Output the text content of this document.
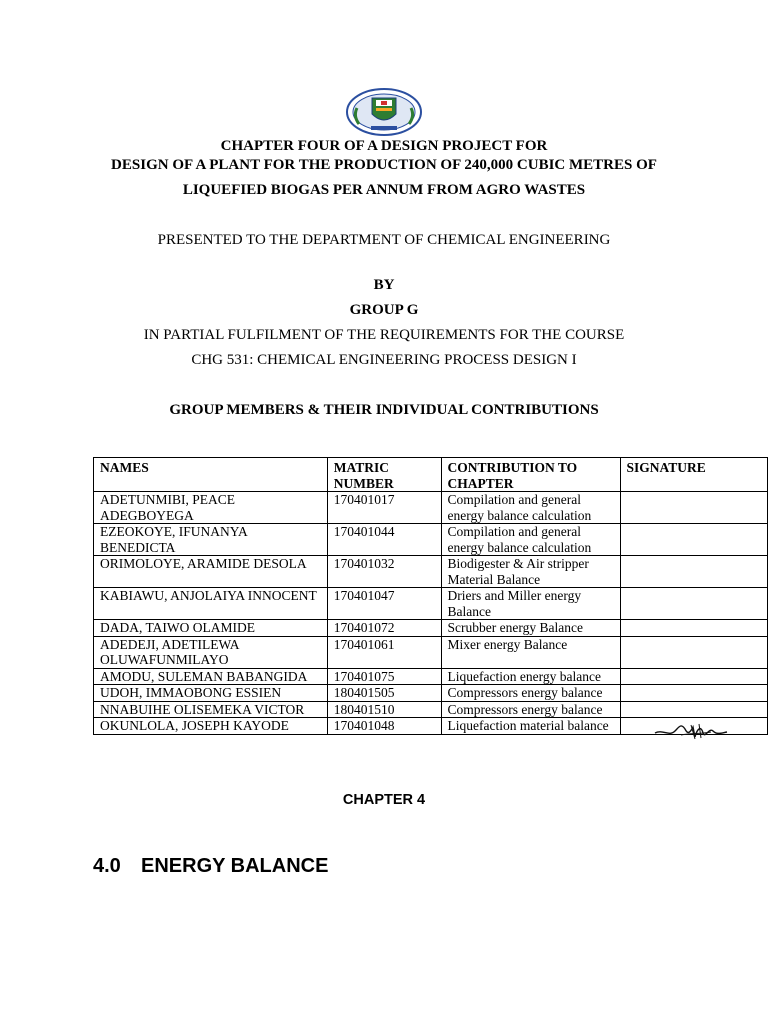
CHAPTER FOUR OF A DESIGN PROJECT FOR
DESIGN OF A PLANT FOR THE PRODUCTION OF 240,000 CUBIC METRES OF
LIQUEFIED BIOGAS PER ANNUM FROM AGRO WASTES
PRESENTED TO THE DEPARTMENT OF CHEMICAL ENGINEERING
BY
GROUP G
IN PARTIAL FULFILMENT OF THE REQUIREMENTS FOR THE COURSE
CHG 531: CHEMICAL ENGINEERING PROCESS DESIGN I
GROUP MEMBERS & THEIR INDIVIDUAL CONTRIBUTIONS
NAMES	MATRIC NUMBER	CONTRIBUTION TO CHAPTER	SIGNATURE
ADETUNMIBI, PEACE ADEGBOYEGA	170401017	Compilation and general energy balance calculation	
EZEOKOYE, IFUNANYA BENEDICTA	170401044	Compilation and general energy balance calculation	
ORIMOLOYE, ARAMIDE DESOLA	170401032	Biodigester & Air stripper Material Balance	
KABIAWU, ANJOLAIYA INNOCENT	170401047	Driers and Miller energy Balance	
DADA, TAIWO OLAMIDE	170401072	Scrubber energy Balance	
ADEDEJI, ADETILEWA OLUWAFUNMILAYO	170401061	Mixer energy Balance	
AMODU, SULEMAN BABANGIDA	170401075	Liquefaction energy balance	
UDOH, IMMAOBONG ESSIEN	180401505	Compressors energy balance	
NNABUIHE OLISEMEKA VICTOR	180401510	Compressors energy balance	
OKUNLOLA, JOSEPH KAYODE	170401048	Liquefaction material balance	
CHAPTER 4
4.0 ENERGY BALANCE
